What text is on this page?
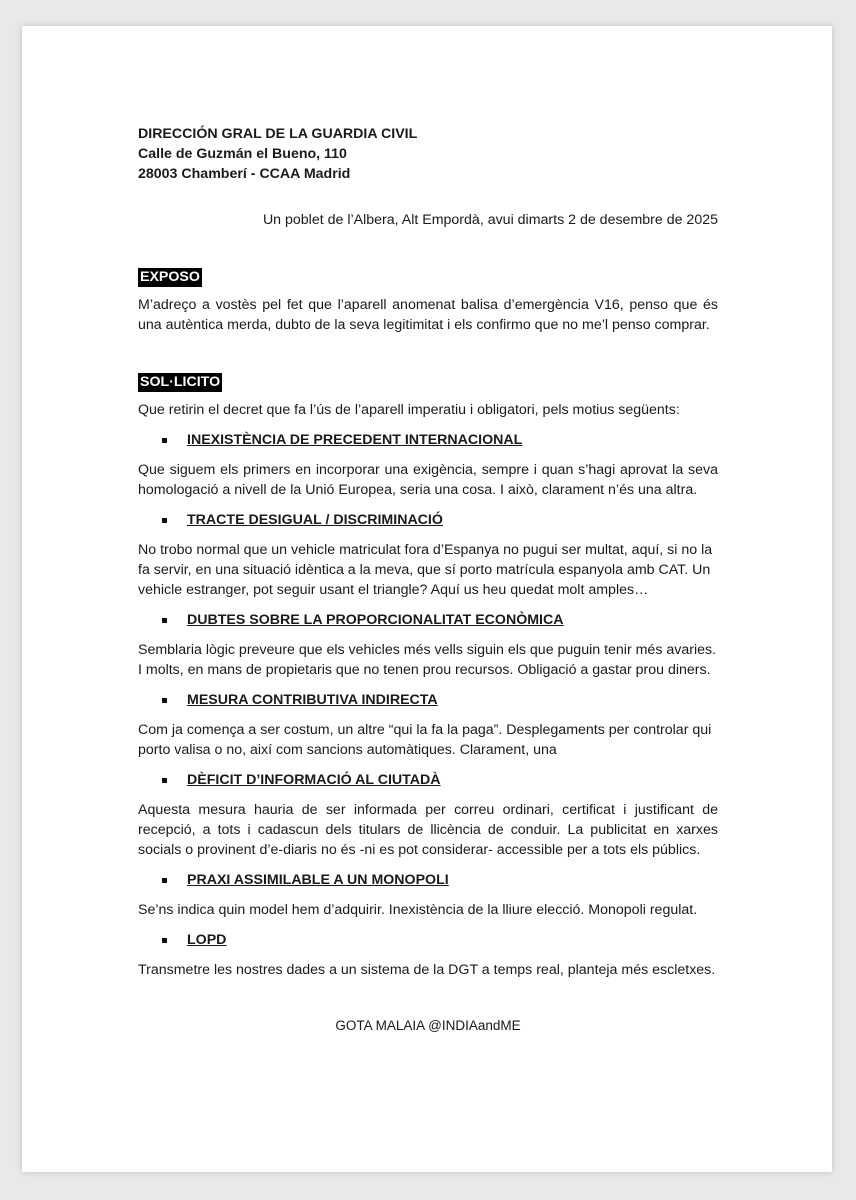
DIRECCIÓN GRAL DE LA GUARDIA CIVIL

Calle de Guzmán el Bueno, 110

28003 Chamberí - CCAA Madrid

Un poblet de l’Albera, Alt Empordà, avui dimarts 2 de desembre de 2025

EXPOSO

M’adreço a vostès pel fet que l’aparell anomenat balisa d’emergència V16, penso que és una autèntica merda, dubto de la seva legitimitat i els confirmo que no me’l penso comprar.

SOL·LICITO

Que retirin el decret que fa l’ús de l’aparell imperatiu i obligatori, pels motius següents:

INEXISTÈNCIA DE PRECEDENT INTERNACIONAL

Que siguem els primers en incorporar una exigència, sempre i quan s’hagi aprovat la seva homologació a nivell de la Unió Europea, seria una cosa. I això, clarament n’és una altra.

TRACTE DESIGUAL / DISCRIMINACIÓ

No trobo normal que un vehicle matriculat fora d’Espanya no pugui ser multat, aquí, si no la fa servir, en una situació idèntica a la meva, que sí porto matrícula espanyola amb CAT. Un vehicle estranger, pot seguir usant el triangle? Aquí us heu quedat molt amples…

DUBTES SOBRE LA PROPORCIONALITAT ECONÒMICA

Semblaria lògic preveure que els vehicles més vells siguin els que puguin tenir més avaries. I molts, en mans de propietaris que no tenen prou recursos. Obligació a gastar prou diners.

MESURA CONTRIBUTIVA INDIRECTA

Com ja comença a ser costum, un altre “qui la fa la paga”. Desplegaments per controlar qui porto valisa o no, així com sancions automàtiques. Clarament, una

DÈFICIT D’INFORMACIÓ AL CIUTADÀ

Aquesta mesura hauria de ser informada per correu ordinari, certificat i justificant de recepció, a tots i cadascun dels titulars de llicència de conduir. La publicitat en xarxes socials o provinent d’e-diaris no és -ni es pot considerar- accessible per a tots els públics.

PRAXI ASSIMILABLE A UN MONOPOLI

Se’ns indica quin model hem d’adquirir. Inexistència de la lliure elecció. Monopoli regulat.

LOPD

Transmetre les nostres dades a un sistema de la DGT a temps real, planteja més escletxes.

GOTA MALAIA @INDIAandME
